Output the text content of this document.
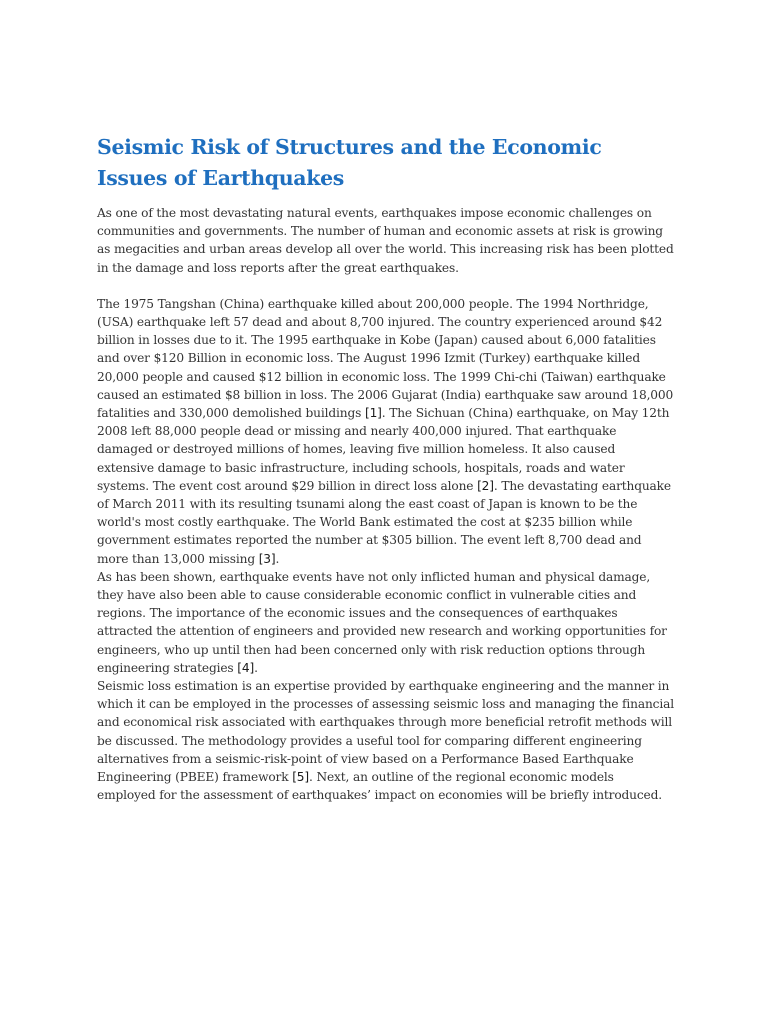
Seismic Risk of Structures and the Economic Issues of Earthquakes

As one of the most devastating natural events, earthquakes impose economic challenges on communities and governments. The number of human and economic assets at risk is growing as megacities and urban areas develop all over the world. This increasing risk has been plotted in the damage and loss reports after the great earthquakes.

The 1975 Tangshan (China) earthquake killed about 200,000 people. The 1994 Northridge, (USA) earthquake left 57 dead and about 8,700 injured. The country experienced around $42 billion in losses due to it. The 1995 earthquake in Kobe (Japan) caused about 6,000 fatalities and over $120 Billion in economic loss. The August 1996 Izmit (Turkey) earthquake killed 20,000 people and caused $12 billion in economic loss. The 1999 Chi-chi (Taiwan) earthquake caused an estimated $8 billion in loss. The 2006 Gujarat (India) earthquake saw around 18,000 fatalities and 330,000 demolished buildings [1]. The Sichuan (China) earthquake, on May 12th 2008 left 88,000 people dead or missing and nearly 400,000 injured. That earthquake damaged or destroyed millions of homes, leaving five million homeless. It also caused extensive damage to basic infrastructure, including schools, hospitals, roads and water systems. The event cost around $29 billion in direct loss alone [2]. The devastating earthquake of March 2011 with its resulting tsunami along the east coast of Japan is known to be the world's most costly earthquake. The World Bank estimated the cost at $235 billion while government estimates reported the number at $305 billion. The event left 8,700 dead and more than 13,000 missing [3].

As has been shown, earthquake events have not only inflicted human and physical damage, they have also been able to cause considerable economic conflict in vulnerable cities and regions. The importance of the economic issues and the consequences of earthquakes attracted the attention of engineers and provided new research and working opportunities for engineers, who up until then had been concerned only with risk reduction options through engineering strategies [4].

Seismic loss estimation is an expertise provided by earthquake engineering and the manner in which it can be employed in the processes of assessing seismic loss and managing the financial and economical risk associated with earthquakes through more beneficial retrofit methods will be discussed. The methodology provides a useful tool for comparing different engineering alternatives from a seismic-risk-point of view based on a Performance Based Earthquake Engineering (PBEE) framework [5]. Next, an outline of the regional economic models employed for the assessment of earthquakes’ impact on economies will be briefly introduced.
